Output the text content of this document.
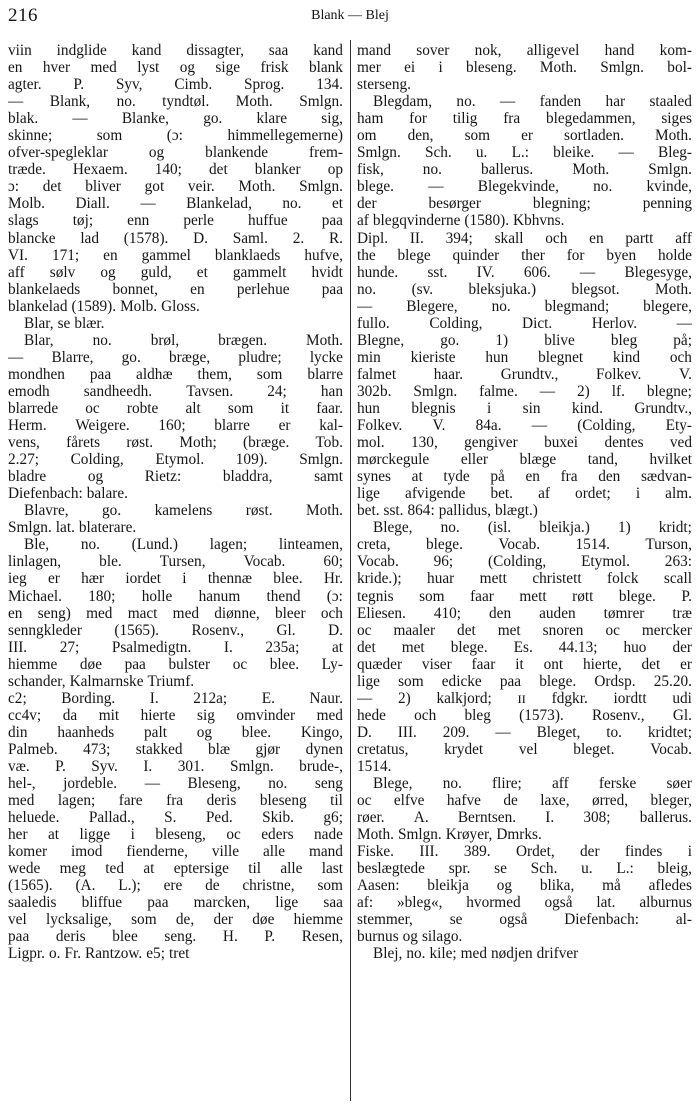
216	Blank — Blej
viin indglide kand dissagter, saa kand
en hver med lyst og sige frisk blank
agter. P. Syv, Cimb. Sprog. 134.
— Blank, no. tyndtøl. Moth. Smlgn.
blak. — Blanke, go. klare sig,
skinne;	som	(ɔ:	himmellegemerne)
ofver-spegleklar	og	blankende	frem-
træde. Hexaem. 140; det blanker op
ɔ: det bliver got veir. Moth. Smlgn.
Molb. Diall. — Blankelad, no. et
slags tøj; enn perle huffue paa
blancke lad (1578). D. Saml. 2. R.
VI. 171; en gammel blanklaeds hufve,
aff sølv og guld, et gammelt hvidt
blankelaeds bonnet, en perlehue paa
blankelad (1589). Molb. Gloss.
Blar, se blær.
Blar,	no.	brøl,	brægen.	Moth.
— Blarre, go. bræge, pludre; lycke
mondhen paa aldhæ them, som blarre
emodh sandheedh. Tavsen. 24; han
blarrede oc robte alt som it faar.
Herm. Weigere. 160; blarre er kal-
vens, fårets røst. Moth; (bræge. Tob.
2.27; Colding, Etymol. 109). Smlgn.
bladre	og	Rietz:	bladdra,	samt
Diefenbach: balare.
Blavre, go. kamelens røst. Moth.
Smlgn. lat. blaterare.
Ble, no. (Lund.) lagen; linteamen,
linlagen, ble. Tursen, Vocab. 60;
ieg er hær iordet i thennæ blee. Hr.
Michael. 180; holle hanum thend (ɔ:
en seng) med mact med diønne, bleer och
senngkleder (1565). Rosenv., Gl. D.
III. 27; Psalmedigtn. I. 235a; at
hiemme døe paa bulster oc blee. Ly-
schander, Kalmarnske Triumf.
c2; Bording. I. 212a; E. Naur.
cc4v; da mit hierte sig omvinder med
din haanheds palt og blee. Kingo,
Palmeb. 473; stakked blæ gjør dynen
væ. P. Syv. I. 301. Smlgn. brude-,
hel-, jordeble. — Bleseng, no. seng
med lagen; fare fra deris bleseng til
heluede. Pallad., S. Ped. Skib. g6;
her at ligge i bleseng, oc eders nade
komer imod fienderne, ville alle mand
wede meg ted at eptersige til alle last
(1565). (A. L.); ere de christne, som
saaledis bliffue paa marcken, lige saa
vel lycksalige, som de, der døe hiemme
paa deris blee seng. H. P. Resen,
Ligpr. o. Fr. Rantzow. e5; tret
mand sover nok, alligevel hand kom-
mer ei i bleseng. Moth. Smlgn. bol-
sterseng.
Blegdam, no. — fanden har staaled
ham for tilig fra blegedammen, siges
om den, som er sortladen. Moth.
Smlgn. Sch. u. L.: bleike. — Bleg-
fisk,	no.	ballerus.	Moth.	Smlgn.
blege. — Blegekvinde, no. kvinde,
der	besørger	blegning;	penning
af blegqvinderne (1580). Kbhvns.
Dipl. II. 394; skall och en partt aff
the blege quinder ther for byen holde
hunde. sst. IV. 606. — Blegesyge,
no. (sv. bleksjuka.) blegsot. Moth.
— Blegere, no. blegmand; blegere,
fullo.	Colding,	Dict.	Herlov.	—
Blegne, go. 1) blive bleg på;
min kieriste hun blegnet kind och
falmet haar. Grundtv., Folkev. V.
302b. Smlgn. falme. — 2) lf. blegne;
hun blegnis i sin kind. Grundtv.,
Folkev. V. 84a. — (Colding, Ety-
mol. 130, gengiver buxei dentes ved
mørckegule eller blæge tand, hvilket
synes at tyde på en fra den sædvan-
lige afvigende bet. af ordet; i alm.
bet. sst. 864: pallidus, blægt.)
Blege, no. (isl. bleikja.) 1) kridt;
creta, blege. Vocab. 1514. Turson,
Vocab. 96; (Colding, Etymol. 263:
kride.); huar mett christett folck scall
tegnis som faar mett røtt blege. P.
Eliesen. 410; den auden tømrer træ
oc maaler det met snoren oc mercker
det met blege. Es. 44.13; huo der
quæder viser faar it ont hierte, det er
lige som edicke paa blege. Ordsp. 25.20.
— 2) kalkjord; ɪɪ fdgkr. iordtt udi
hede och bleg (1573). Rosenv., Gl.
D. III. 209. — Bleget, to. kridtet;
cretatus, krydet vel bleget. Vocab.
1514.
Blege, no. flire; aff ferske søer
oc elfve hafve de laxe, ørred, bleger,
røer. A. Berntsen. I. 308; ballerus.
Moth. Smlgn. Krøyer, Dmrks.
Fiske. III. 389. Ordet, der findes i
beslægtede spr. se Sch. u. L.: bleig,
Aasen: bleikja og blika, må afledes
af: »bleg«, hvormed også lat. alburnus
stemmer, se også Diefenbach: al-
burnus og silago.
Blej, no. kile; med nødjen drifver
